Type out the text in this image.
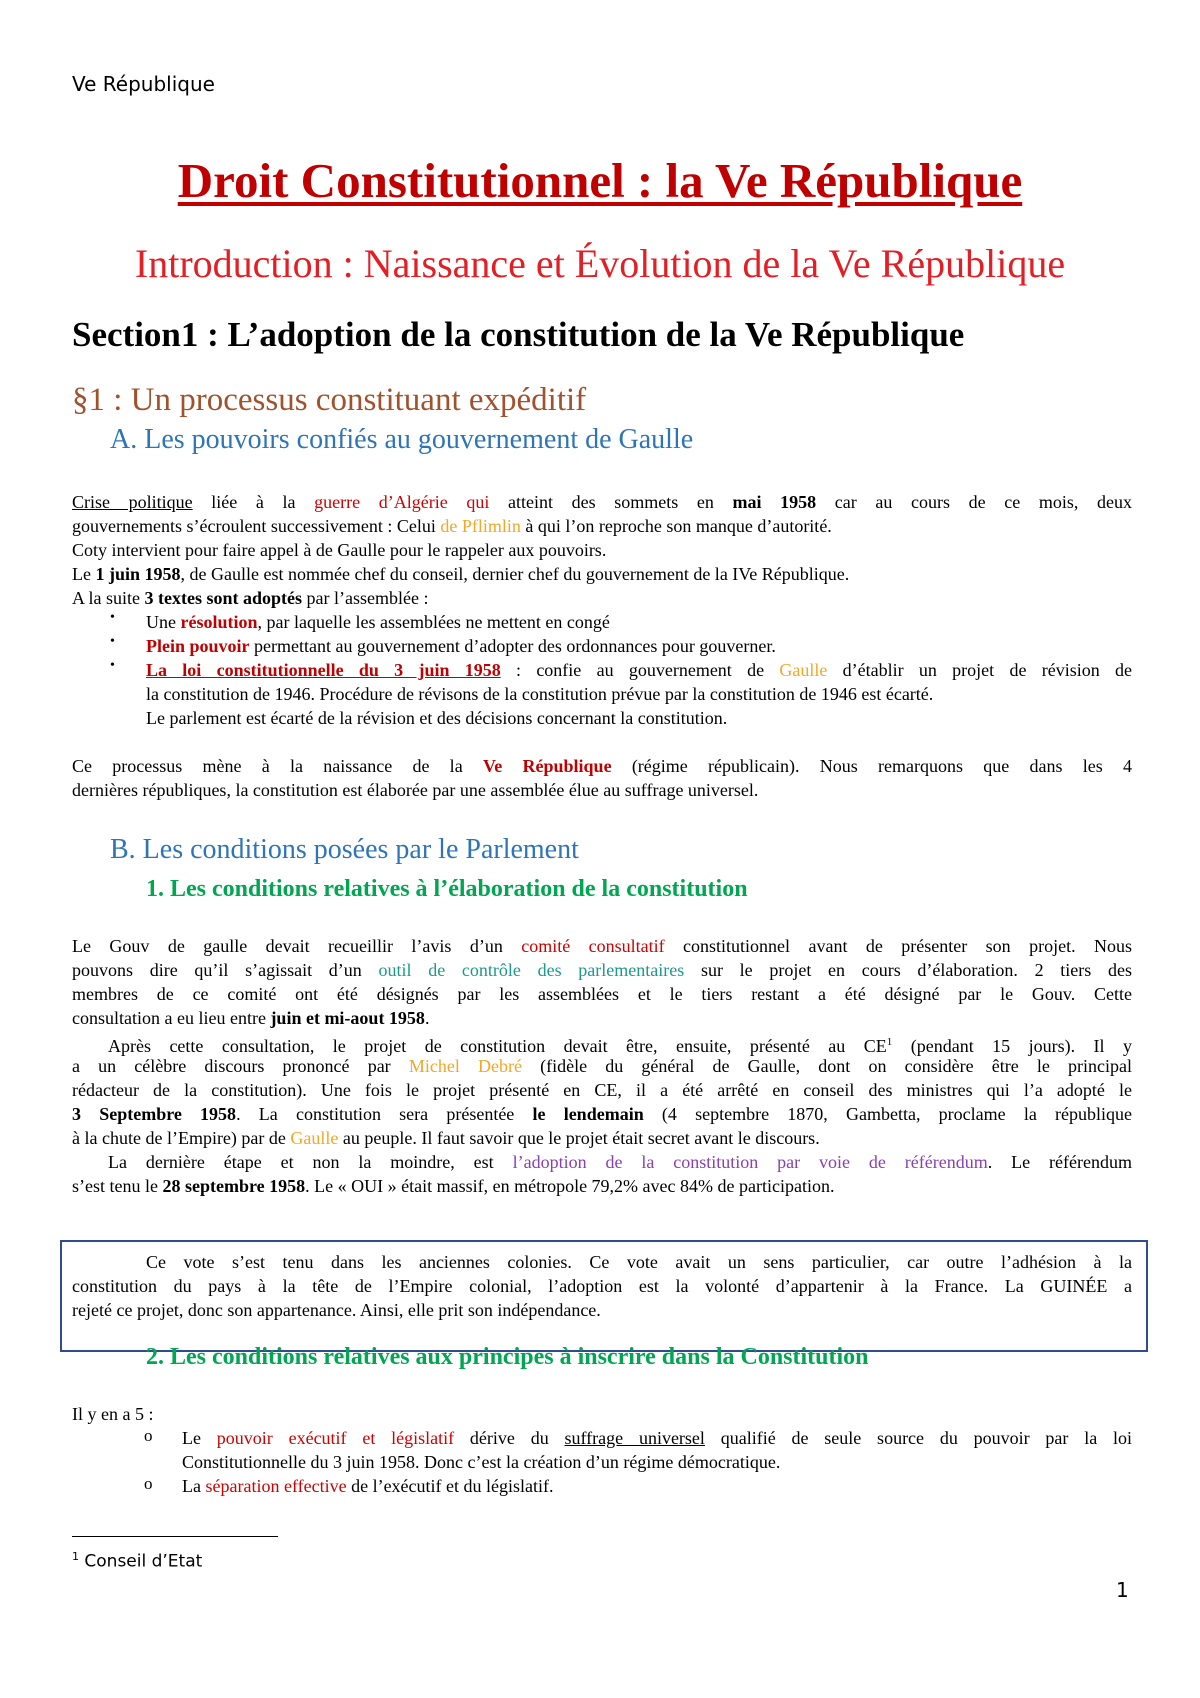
Ve République
Droit Constitutionnel : la Ve République
Introduction : Naissance et Évolution de la Ve République
Section1 : L’adoption de la constitution de la Ve République
§1 : Un processus constituant expéditif
A. Les pouvoirs confiés au gouvernement de Gaulle
Crise politique liée à la guerre d’Algérie qui atteint des sommets en mai 1958 car au cours de ce mois, deux
gouvernements s’écroulent successivement : Celui de Pflimlin à qui l’on reproche son manque d’autorité.
Coty intervient pour faire appel à de Gaulle pour le rappeler aux pouvoirs.
Le 1 juin 1958, de Gaulle est nommée chef du conseil, dernier chef du gouvernement de la IVe République.
A la suite 3 textes sont adoptés par l’assemblée :
• Une résolution, par laquelle les assemblées ne mettent en congé
• Plein pouvoir permettant au gouvernement d’adopter des ordonnances pour gouverner.
• La loi constitutionnelle du 3 juin 1958 : confie au gouvernement de Gaulle d’établir un projet de révision de
la constitution de 1946. Procédure de révisons de la constitution prévue par la constitution de 1946 est écarté.
Le parlement est écarté de la révision et des décisions concernant la constitution.
Ce processus mène à la naissance de la Ve République (régime républicain). Nous remarquons que dans les 4
dernières républiques, la constitution est élaborée par une assemblée élue au suffrage universel.
B. Les conditions posées par le Parlement
1. Les conditions relatives à l’élaboration de la constitution
Le Gouv de gaulle devait recueillir l’avis d’un comité consultatif constitutionnel avant de présenter son projet. Nous
pouvons dire qu’il s’agissait d’un outil de contrôle des parlementaires sur le projet en cours d’élaboration. 2 tiers des
membres de ce comité ont été désignés par les assemblées et le tiers restant a été désigné par le Gouv. Cette
consultation a eu lieu entre juin et mi-aout 1958.
Après cette consultation, le projet de constitution devait être, ensuite, présenté au $CE^1$ (pendant 15 jours). Il y
a un célèbre discours prononcé par Michel Debré (fidèle du général de Gaulle, dont on considère être le principal
rédacteur de la constitution). Une fois le projet présenté en CE, il a été arrêté en conseil des ministres qui l’a adopté le
3 Septembre 1958. La constitution sera présentée le lendemain (4 septembre 1870, Gambetta, proclame la république
à la chute de l’Empire) par de Gaulle au peuple. Il faut savoir que le projet était secret avant le discours.
La dernière étape et non la moindre, est l’adoption de la constitution par voie de référendum. Le référendum
s’est tenu le 28 septembre 1958. Le « OUI » était massif, en métropole 79,2% avec 84% de participation.
Ce vote s’est tenu dans les anciennes colonies. Ce vote avait un sens particulier, car outre l’adhésion à la
constitution du pays à la tête de l’Empire colonial, l’adoption est la volonté d’appartenir à la France. La GUINÉE a
rejeté ce projet, donc son appartenance. Ainsi, elle prit son indépendance.
2. Les conditions relatives aux principes à inscrire dans la Constitution
Il y en a 5 :
o Le pouvoir exécutif et législatif dérive du suffrage universel qualifié de seule source du pouvoir par la loi
Constitutionnelle du 3 juin 1958. Donc c’est la création d’un régime démocratique.
o La séparation effective de l’exécutif et du législatif.
$^1$ Conseil d’Etat
1
